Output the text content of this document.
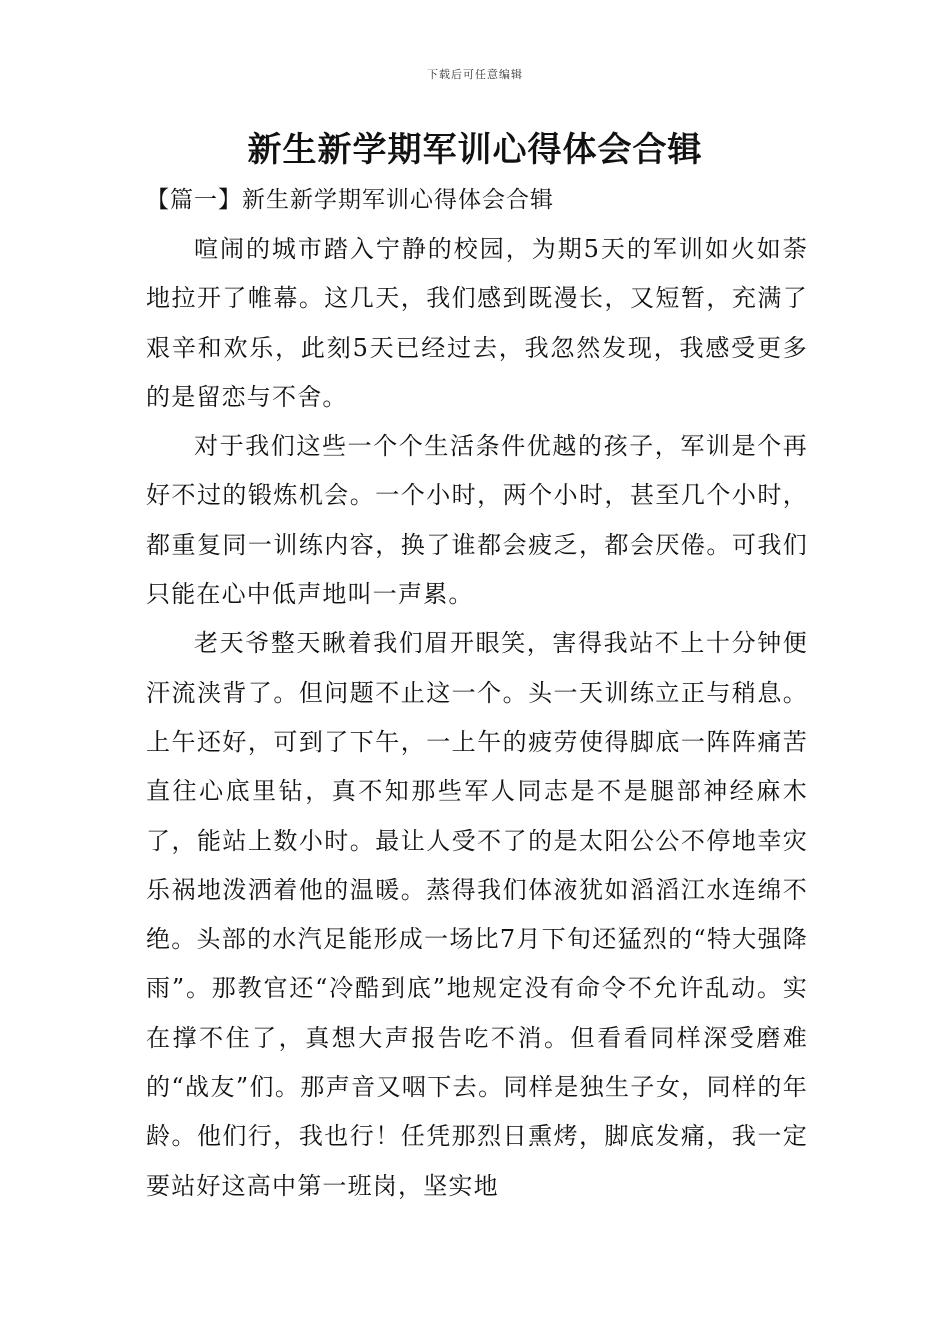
下载后可任意编辑
新生新学期军训心得体会合辑
【篇一】新生新学期军训心得体会合辑

喧闹的城市踏入宁静的校园，为期5天的军训如火如荼地拉开了帷幕。这几天，我们感到既漫长，又短暂，充满了艰辛和欢乐，此刻5天已经过去，我忽然发现，我感受更多的是留恋与不舍。

对于我们这些一个个生活条件优越的孩子，军训是个再好不过的锻炼机会。一个小时，两个小时，甚至几个小时，都重复同一训练内容，换了谁都会疲乏，都会厌倦。可我们只能在心中低声地叫一声累。

老天爷整天瞅着我们眉开眼笑，害得我站不上十分钟便汗流浃背了。但问题不止这一个。头一天训练立正与稍息。上午还好，可到了下午，一上午的疲劳使得脚底一阵阵痛苦直往心底里钻，真不知那些军人同志是不是腿部神经麻木了，能站上数小时。最让人受不了的是太阳公公不停地幸灾乐祸地泼洒着他的温暖。蒸得我们体液犹如滔滔江水连绵不绝。头部的水汽足能形成一场比7月下旬还猛烈的“特大强降雨”。那教官还“冷酷到底”地规定没有命令不允许乱动。实在撑不住了，真想大声报告吃不消。但看看同样深受磨难的“战友”们。那声音又咽下去。同样是独生子女，同样的年龄。他们行，我也行！任凭那烈日熏烤，脚底发痛，我一定要站好这高中第一班岗，坚实地
